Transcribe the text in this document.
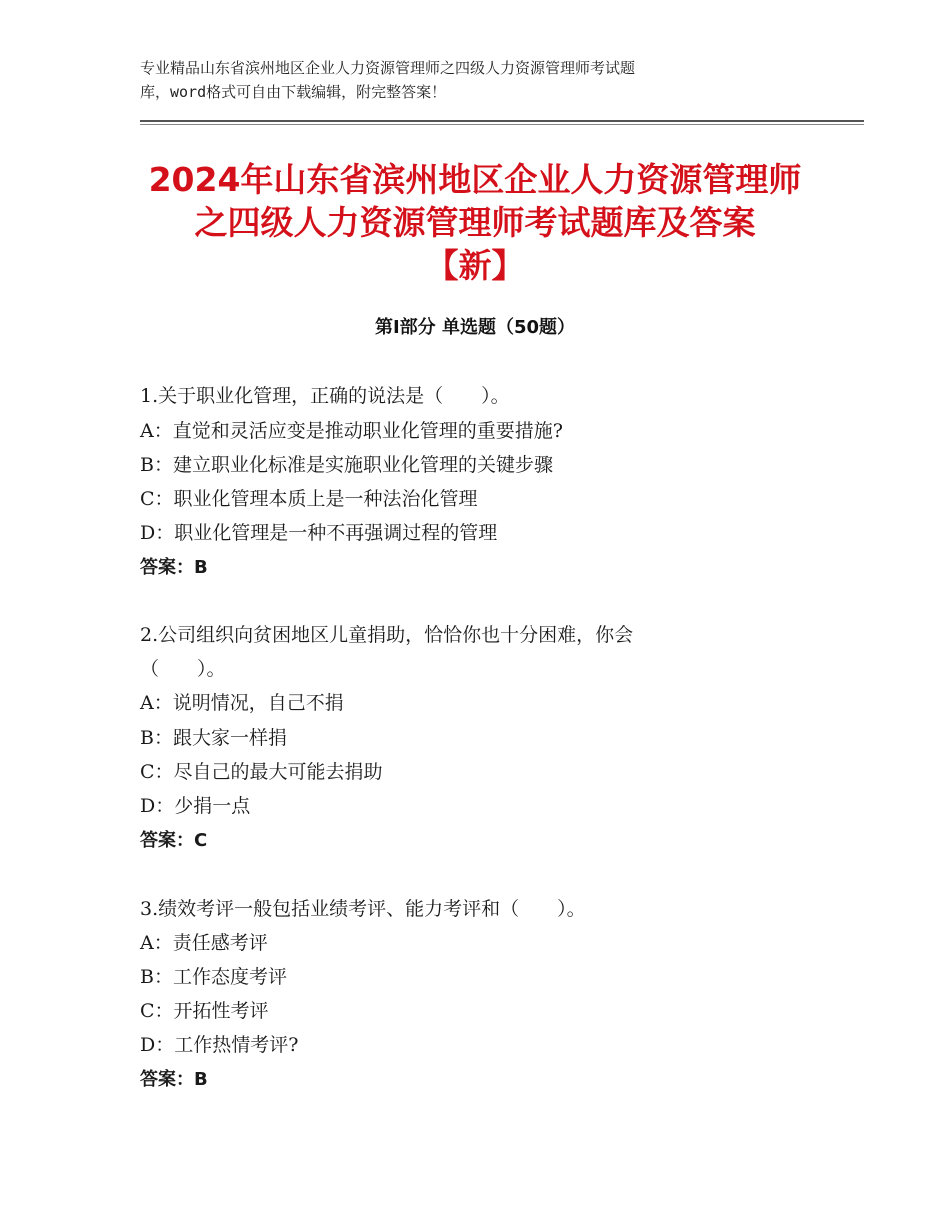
专业精品山东省滨州地区企业人力资源管理师之四级人力资源管理师考试题
库，word格式可自由下载编辑，附完整答案！
2024年山东省滨州地区企业人力资源管理师
之四级人力资源管理师考试题库及答案
【新】
第Ⅰ部分 单选题（50题）
1.关于职业化管理，正确的说法是（　　）。
A：直觉和灵活应变是推动职业化管理的重要措施?
B：建立职业化标准是实施职业化管理的关键步骤
C：职业化管理本质上是一种法治化管理
D：职业化管理是一种不再强调过程的管理
答案：B
2.公司组织向贫困地区儿童捐助，恰恰你也十分困难，你会
（　　）。
A：说明情况，自己不捐
B：跟大家一样捐
C：尽自己的最大可能去捐助
D：少捐一点
答案：C
3.绩效考评一般包括业绩考评、能力考评和（　　）。
A：责任感考评
B：工作态度考评
C：开拓性考评
D：工作热情考评?
答案：B
